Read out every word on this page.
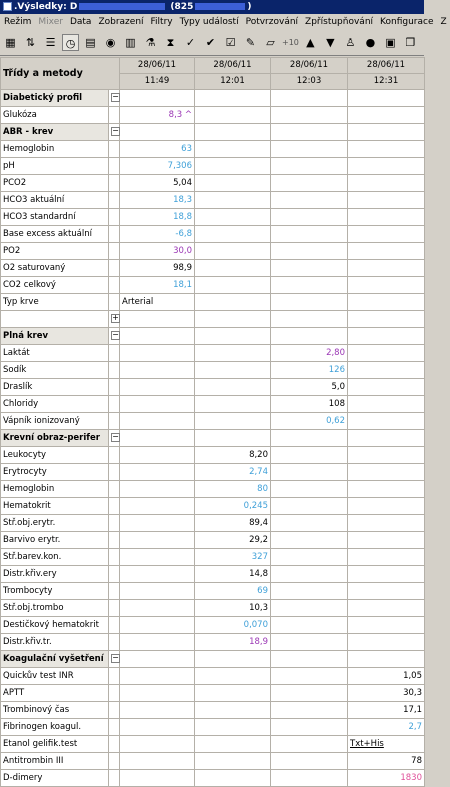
.Výsledky: D	(825	)
Režim Mixer Data Zobrazení Filtry Typy událostí Potvrzování Zpřístupňování Konfigurace Z
▦ ⇅ ☰ ◷ ▤ ◉ ▥ ⚗ ⧗ ✓ ✔ ☑ ✎ ▱ +10 ▲ ▼ ♙ ● ▣ ❐
Třídy a metody		28/06/11	28/06/11	28/06/11	28/06/11
		11:49	12:01	12:03	12:31
Diabetický profil	−				
Glukóza		8,3 ^			
ABR - krev	−				
Hemoglobin		63			
pH		7,306			
PCO2		5,04			
HCO3 aktuální		18,3			
HCO3 standardní		18,8			
Base excess aktuální		-6,8			
PO2		30,0			
O2 saturovaný		98,9			
CO2 celkový		18,1			
Typ krve		Arterial			
	+				
Plná krev	−				
Laktát				2,80	
Sodík				126	
Draslík				5,0	
Chloridy				108	
Vápník ionizovaný				0,62	
Krevní obraz-perifer	−				
Leukocyty			8,20		
Erytrocyty			2,74		
Hemoglobin			80		
Hematokrit			0,245		
Stř.obj.erytr.			89,4		
Barvivo erytr.			29,2		
Stř.barev.kon.			327		
Distr.křiv.ery			14,8		
Trombocyty			69		
Stř.obj.trombo			10,3		
Destičkový hematokrit			0,070		
Distr.křiv.tr.			18,9		
Koagulační vyšetření	−				
Quickův test INR					1,05
APTT					30,3
Trombinový čas					17,1
Fibrinogen koagul.					2,7
Etanol gelifik.test					Txt+His
Antitrombin III					78
D-dimery					1830
